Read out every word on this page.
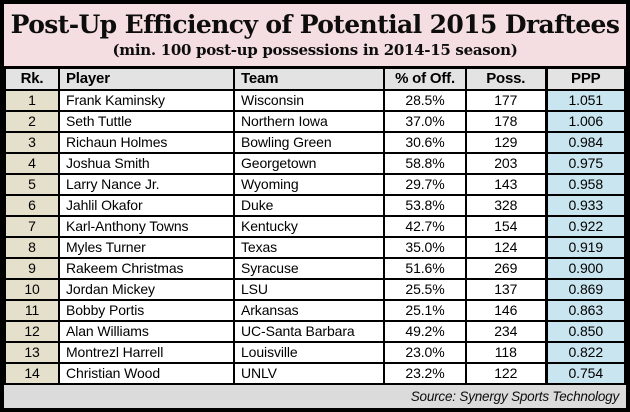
Post-Up Efficiency of Potential 2015 Draftees
(min. 100 post-up possessions in 2014-15 season)
Rk.	Player	Team	% of Off.	Poss.	PPP
1	Frank Kaminsky	Wisconsin	28.5%	177	1.051
2	Seth Tuttle	Northern Iowa	37.0%	178	1.006
3	Richaun Holmes	Bowling Green	30.6%	129	0.984
4	Joshua Smith	Georgetown	58.8%	203	0.975
5	Larry Nance Jr.	Wyoming	29.7%	143	0.958
6	Jahlil Okafor	Duke	53.8%	328	0.933
7	Karl-Anthony Towns	Kentucky	42.7%	154	0.922
8	Myles Turner	Texas	35.0%	124	0.919
9	Rakeem Christmas	Syracuse	51.6%	269	0.900
10	Jordan Mickey	LSU	25.5%	137	0.869
11	Bobby Portis	Arkansas	25.1%	146	0.863
12	Alan Williams	UC-Santa Barbara	49.2%	234	0.850
13	Montrezl Harrell	Louisville	23.0%	118	0.822
14	Christian Wood	UNLV	23.2%	122	0.754
Source: Synergy Sports Technology
